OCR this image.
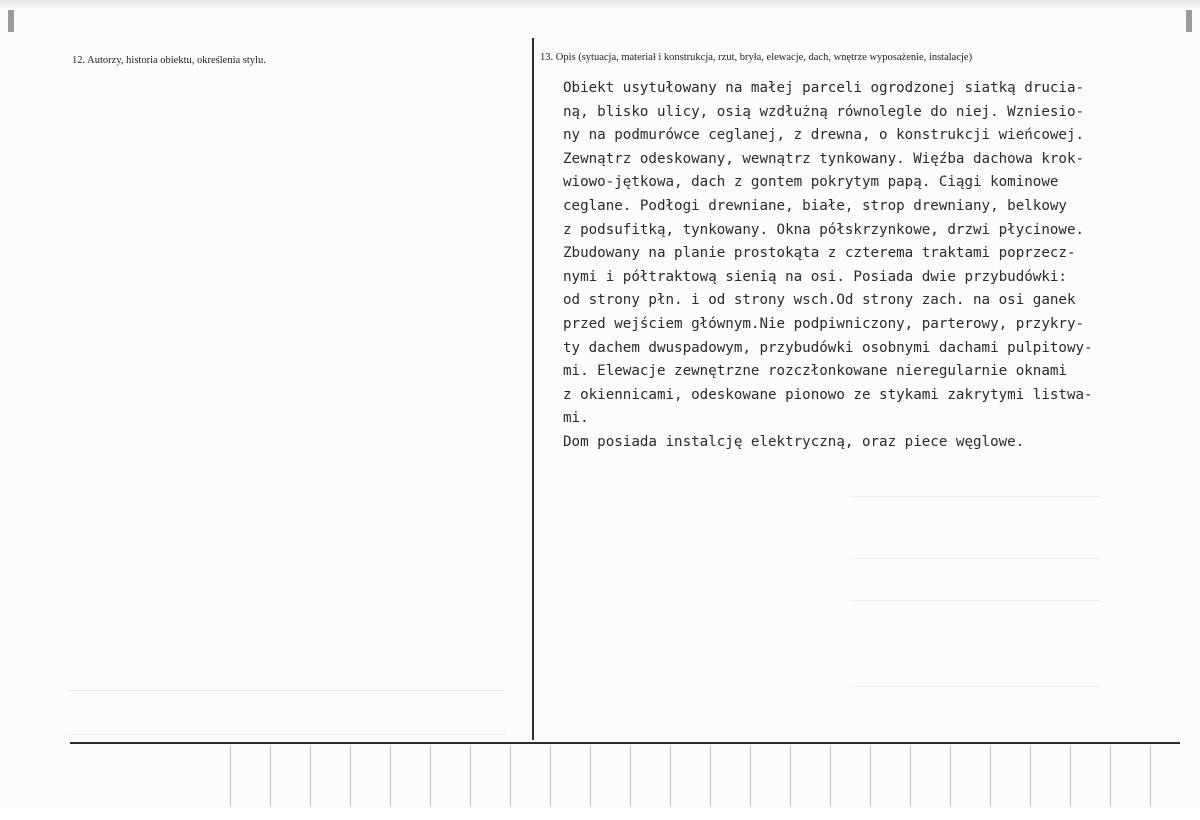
12. Autorzy, historia obiektu, określenia stylu.	13. Opis (sytuacja, materiał i konstrukcja, rzut, bryła, elewacje, dach, wnętrze wyposażenie, instalacje)
Obiekt usytułowany na małej parceli ogrodzonej siatką druciа-
ną, blisko ulicy, osią wzdłużną równolegle do niej. Wzniesio-
ny na podmurówce ceglanej, z drewna, o konstrukcji wieńcowej.
Zewnątrz odeskowany, wewnątrz tynkowany. Więźba dachowa krok-
wiowo-jętkowa, dach z gontem pokrytym papą. Ciągi kominowe
ceglane. Podłogi drewniane, białe, strop drewniany, belkowy
z podsufitką, tynkowany. Okna półskrzynkowe, drzwi płycinowe.
Zbudowany na planie prostokąta z czterema traktami poprzecz-
nymi i półtraktową sienią na osi. Posiada dwie przybudówki:
od strony płn. i od strony wsch.Od strony zach. na osi ganek
przed wejściem głównym.Nie podpiwniczony, parterowy, przykry-
ty dachem dwuspadowym, przybudówki osobnymi dachami pulpitowy-
mi. Elewacje zewnętrzne rozczłonkowane nieregularnie oknami
z okiennicami, odeskowane pionowo ze stykami zakrytymi listwa-
mi.
Dom posiada instalcję elektryczną, oraz piece węglowe.
